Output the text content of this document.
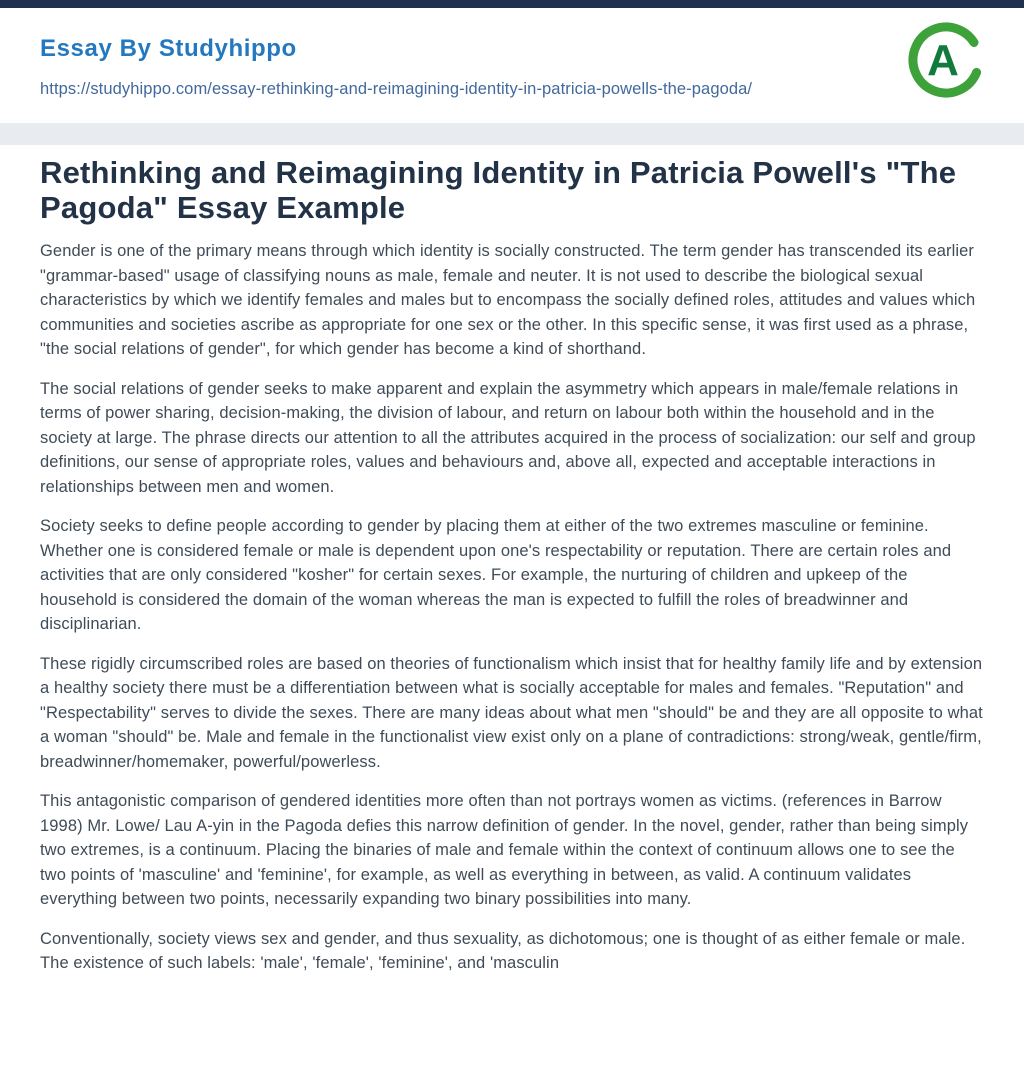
Essay By Studyhippo
https://studyhippo.com/essay-rethinking-and-reimagining-identity-in-patricia-powells-the-pagoda/
A
Rethinking and Reimagining Identity in Patricia Powell's "The Pagoda" Essay Example

Gender is one of the primary means through which identity is socially constructed. The term gender has transcended its earlier "grammar-based" usage of classifying nouns as male, female and neuter. It is not used to describe the biological sexual characteristics by which we identify females and males but to encompass the socially defined roles, attitudes and values which communities and societies ascribe as appropriate for one sex or the other. In this specific sense, it was first used as a phrase, "the social relations of gender", for which gender has become a kind of shorthand.

The social relations of gender seeks to make apparent and explain the asymmetry which appears in male/female relations in terms of power sharing, decision-making, the division of labour, and return on labour both within the household and in the society at large. The phrase directs our attention to all the attributes acquired in the process of socialization: our self and group definitions, our sense of appropriate roles, values and behaviours and, above all, expected and acceptable interactions in relationships between men and women.

Society seeks to define people according to gender by placing them at either of the two extremes masculine or feminine. Whether one is considered female or male is dependent upon one's respectability or reputation. There are certain roles and activities that are only considered "kosher" for certain sexes. For example, the nurturing of children and upkeep of the household is considered the domain of the woman whereas the man is expected to fulfill the roles of breadwinner and disciplinarian.

These rigidly circumscribed roles are based on theories of functionalism which insist that for healthy family life and by extension a healthy society there must be a differentiation between what is socially acceptable for males and females. "Reputation" and "Respectability" serves to divide the sexes. There are many ideas about what men "should" be and they are all opposite to what a woman "should" be. Male and female in the functionalist view exist only on a plane of contradictions: strong/weak, gentle/firm, breadwinner/homemaker, powerful/powerless.

This antagonistic comparison of gendered identities more often than not portrays women as victims. (references in Barrow 1998) Mr. Lowe/ Lau A-yin in the Pagoda defies this narrow definition of gender. In the novel, gender, rather than being simply two extremes, is a continuum. Placing the binaries of male and female within the context of continuum allows one to see the two points of 'masculine' and 'feminine', for example, as well as everything in between, as valid. A continuum validates everything between two points, necessarily expanding two binary possibilities into many.

Conventionally, society views sex and gender, and thus sexuality, as dichotomous; one is thought of as either female or male. The existence of such labels: 'male', 'female', 'feminine', and 'masculin
